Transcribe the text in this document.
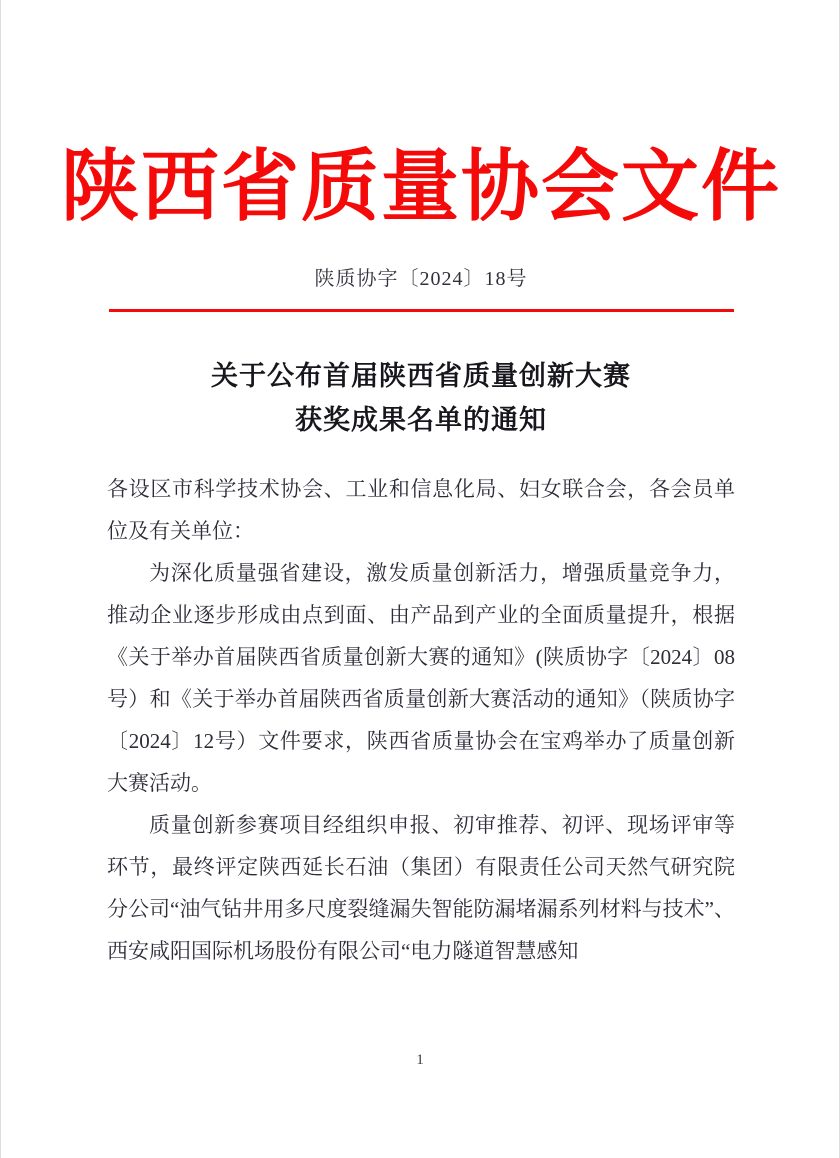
陕西省质量协会文件
陕质协字〔2024〕18号
关于公布首届陕西省质量创新大赛
获奖成果名单的通知

各设区市科学技术协会、工业和信息化局、妇女联合会，各会员单位及有关单位：

为深化质量强省建设，激发质量创新活力，增强质量竞争力，推动企业逐步形成由点到面、由产品到产业的全面质量提升，根据《关于举办首届陕西省质量创新大赛的通知》(陕质协字〔2024〕08号）和《关于举办首届陕西省质量创新大赛活动的通知》（陕质协字〔2024〕12号）文件要求，陕西省质量协会在宝鸡举办了质量创新大赛活动。

质量创新参赛项目经组织申报、初审推荐、初评、现场评审等环节，最终评定陕西延长石油（集团）有限责任公司天然气研究院分公司“油气钻井用多尺度裂缝漏失智能防漏堵漏系列材料与技术”、西安咸阳国际机场股份有限公司“电力隧道智慧感知

1
